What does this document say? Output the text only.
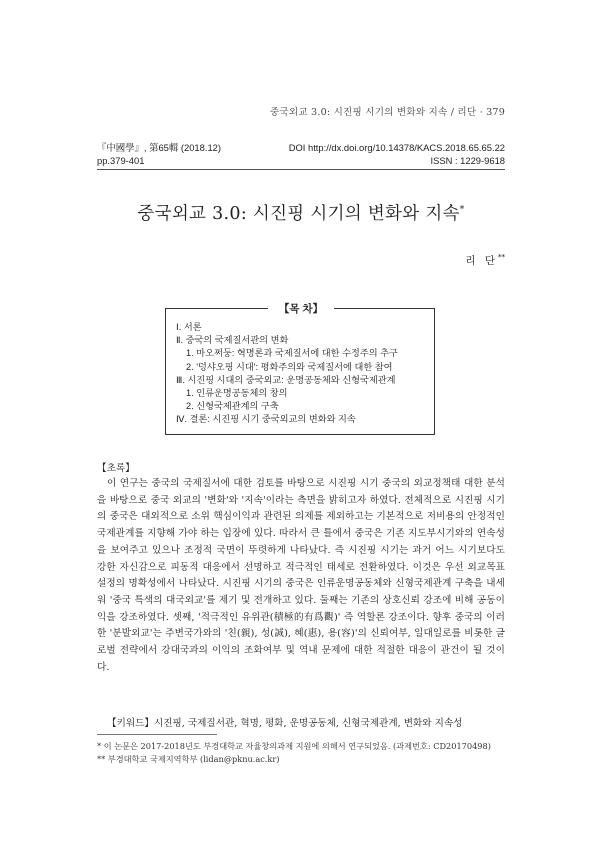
중국외교 3.0: 시진핑 시기의 변화와 지속 / 리단 · 379
『中國學』, 第65輯 (2018.12)	DOI http://dx.doi.org/10.14378/KACS.2018.65.65.22
pp.379-401	ISSN : 1229-9618
중국외교 3.0: 시진핑 시기의 변화와 지속*
리 단**
【목 차】
Ⅰ. 서론
Ⅱ. 중국의 국제질서관의 변화
1. 마오쩌둥: 혁명론과 국제질서에 대한 수정주의 추구
2. '덩샤오핑 시대': 평화주의와 국제질서에 대한 참여
Ⅲ. 시진핑 시대의 중국외교: 운명공동체와 신형국제관계
1. 인류운명공동체의 창의
2. 신형국제관계의 구축
Ⅳ. 결론: 시진핑 시기 중국외교의 변화와 지속
【초록】
이 연구는 중국의 국제질서에 대한 검토를 바탕으로 시진핑 시기 중국의 외교정책태 대한 분석을 바탕으로 중국 외교의 '변화'와 '지속'이라는 측면을 밝히고자 하였다. 전체적으로 시진핑 시기의 중국은 대외적으로 소위 핵심이익과 관련된 의제를 제외하고는 기본적으로 저비용의 안정적인 국제관계를 지향해 가야 하는 입장에 있다. 따라서 큰 틀에서 중국은 기존 지도부시기와의 연속성을 보여주고 있으나 조정적 국면이 뚜렷하게 나타났다. 즉 시진핑 시기는 과거 어느 시기보다도 강한 자신감으로 피동적 대응에서 선명하고 적극적인 태세로 전환하였다. 이것은 우선 외교목표 설정의 명확성에서 나타났다. 시진핑 시기의 중국은 인류운명공동체와 신형국제관계 구축을 내세워 '중국 특색의 대국외교'를 제기 및 전개하고 있다. 둘째는 기존의 상호신뢰 강조에 비해 공동이익을 강조하였다. 셋째, '적극적인 유위관(積極的有爲觀)' 즉 역할론 강조이다. 향후 중국의 이러한 '분발외교'는 주변국가와의 '친(親), 성(誠), 혜(惠), 용(容)'의 신뢰여부, 일대일로를 비롯한 글로벌 전략에서 강대국과의 이익의 조화여부 및 역내 문제에 대한 적절한 대응이 관건이 될 것이다.
【키워드】시진핑, 국제질서관, 혁명, 평화, 운명공동체, 신형국제관계, 변화와 지속성
* 이 논문은 2017-2018년도 부경대학교 자율창의과제 지원에 의해서 연구되었음. (과제번호: CD20170498)
** 부경대학교 국제지역학부 (lidan@pknu.ac.kr)
